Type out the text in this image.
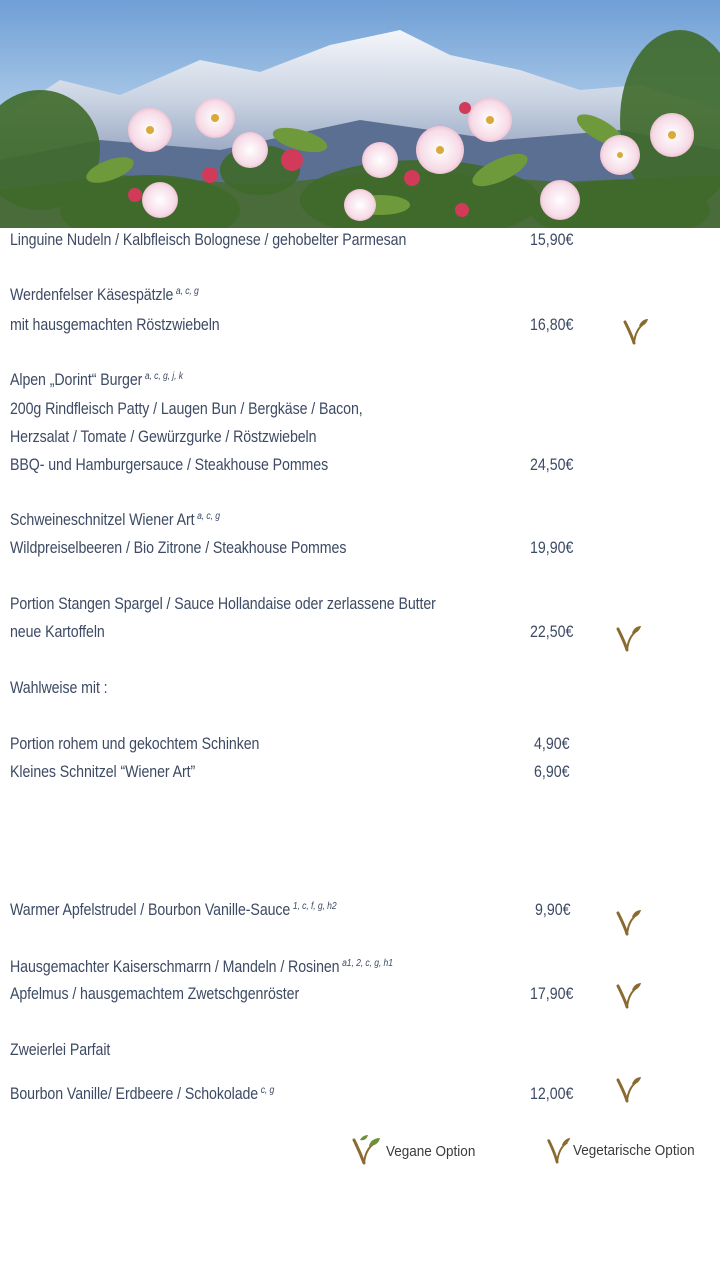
Linguine Nudeln / Kalbfleisch Bolognese / gehobelter Parmesan	15,90€
Werdenfelser Käsespätzle $^{a, c, g}$
mit hausgemachten Röstzwiebeln	16,80€
Alpen „Dorint“ Burger $^{a, c, g, j, k}$
200g Rindfleisch Patty / Laugen Bun / Bergkäse / Bacon,
Herzsalat / Tomate / Gewürzgurke / Röstzwiebeln
BBQ- und Hamburgersauce / Steakhouse Pommes	24,50€
Schweineschnitzel Wiener Art $^{a, c, g}$
Wildpreiselbeeren / Bio Zitrone / Steakhouse Pommes	19,90€
Portion Stangen Spargel / Sauce Hollandaise oder zerlassene Butter
neue Kartoffeln	22,50€
Wahlweise mit :
Portion rohem und gekochtem Schinken	4,90€
Kleines Schnitzel “Wiener Art”	6,90€
Warmer Apfelstrudel / Bourbon Vanille-Sauce $^{1, c, f, g, h2}$	9,90€
Hausgemachter Kaiserschmarrn / Mandeln / Rosinen $^{a1, 2, c, g, h1}$
Apfelmus / hausgemachtem Zwetschgenröster	17,90€
Zweierlei Parfait
Bourbon Vanille/ Erdbeere / Schokolade $^{c, g}$	12,00€
Vegane Option	Vegetarische Option
